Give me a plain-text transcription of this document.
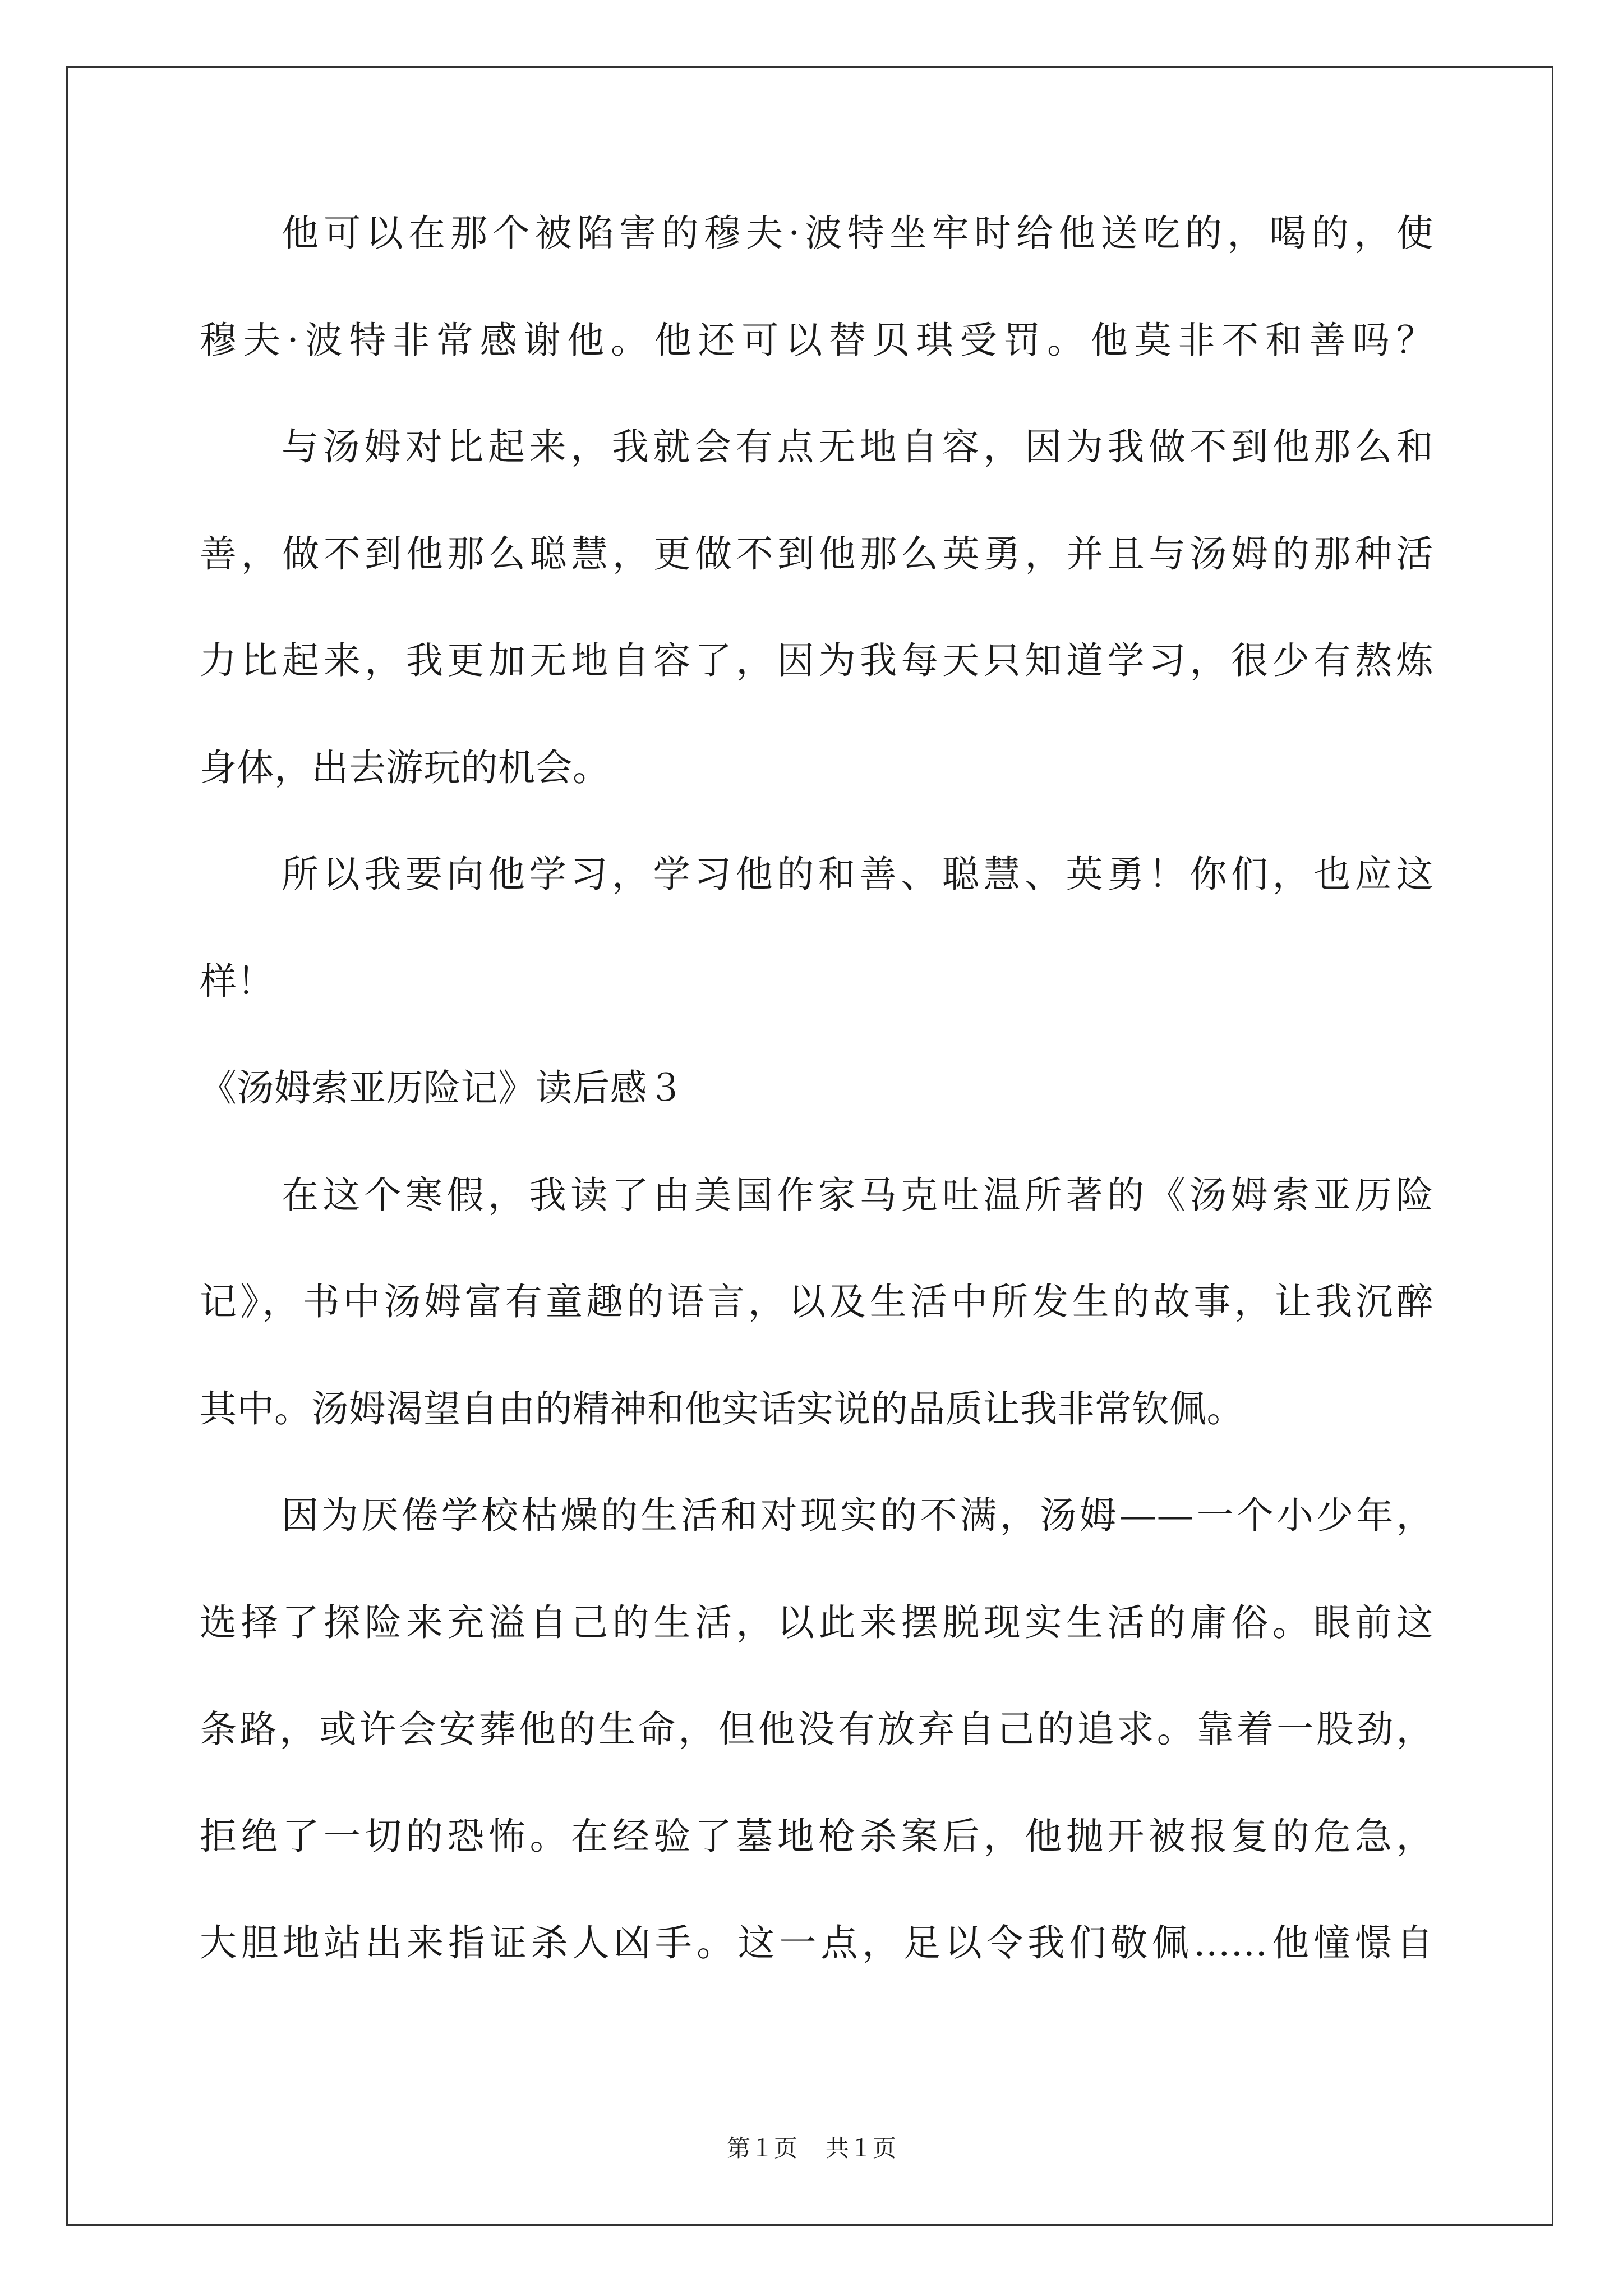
他可以在那个被陷害的穆夫·波特坐牢时给他送吃的，喝的，使
穆夫·波特非常感谢他。他还可以替贝琪受罚。他莫非不和善吗？
与汤姆对比起来，我就会有点无地自容，因为我做不到他那么和
善，做不到他那么聪慧，更做不到他那么英勇，并且与汤姆的那种活
力比起来，我更加无地自容了，因为我每天只知道学习，很少有熬炼
身体，出去游玩的机会。
所以我要向他学习，学习他的和善、聪慧、英勇！你们，也应这
样！
《汤姆索亚历险记》读后感３
在这个寒假，我读了由美国作家马克吐温所著的《汤姆索亚历险
记》，书中汤姆富有童趣的语言，以及生活中所发生的故事，让我沉醉
其中。汤姆渴望自由的精神和他实话实说的品质让我非常钦佩。
因为厌倦学校枯燥的生活和对现实的不满，汤姆——一个小少年，
选择了探险来充溢自己的生活，以此来摆脱现实生活的庸俗。眼前这
条路，或许会安葬他的生命，但他没有放弃自己的追求。靠着一股劲，
拒绝了一切的恐怖。在经验了墓地枪杀案后，他抛开被报复的危急，
大胆地站出来指证杀人凶手。这一点，足以令我们敬佩……他憧憬自
第１页 共１页
